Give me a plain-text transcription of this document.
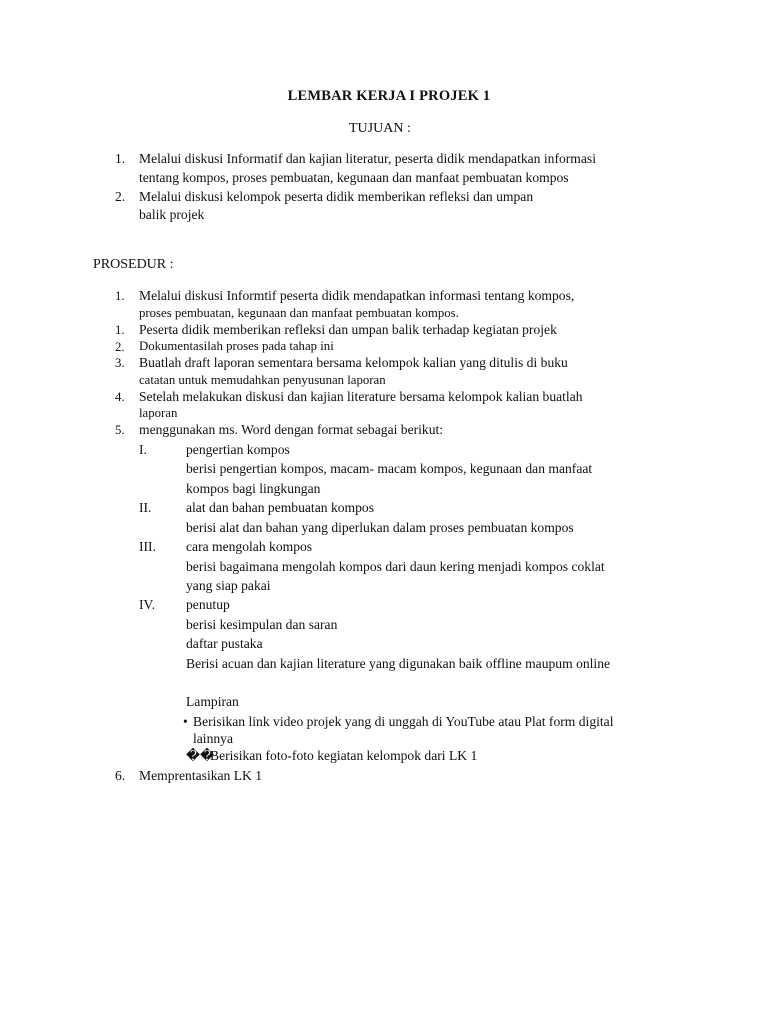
LEMBAR KERJA I PROJEK 1
TUJUAN :
1. Melalui diskusi Informatif dan kajian literatur, peserta didik mendapatkan informasi
tentang kompos, proses pembuatan, kegunaan dan manfaat pembuatan kompos
2. Melalui diskusi kelompok peserta didik memberikan refleksi dan umpan
balik projek
PROSEDUR :
1. Melalui diskusi Informtif peserta didik mendapatkan informasi tentang kompos,
proses pembuatan, kegunaan dan manfaat pembuatan kompos.
1. Peserta didik memberikan refleksi dan umpan balik terhadap kegiatan projek
2. Dokumentasilah proses pada tahap ini
3. Buatlah draft laporan sementara bersama kelompok kalian yang ditulis di buku
catatan untuk memudahkan penyusunan laporan
4. Setelah melakukan diskusi dan kajian literature bersama kelompok kalian buatlah
laporan
5. menggunakan ms. Word dengan format sebagai berikut:
I.	pengertian kompos
berisi pengertian kompos, macam- macam kompos, kegunaan dan manfaat
kompos bagi lingkungan
II.	alat dan bahan pembuatan kompos
berisi alat dan bahan yang diperlukan dalam proses pembuatan kompos
III. cara mengolah kompos
berisi bagaimana mengolah kompos dari daun kering menjadi kompos coklat
yang siap pakai
IV. penutup
berisi kesimpulan dan saran
daftar pustaka
Berisi acuan dan kajian literature yang digunakan baik offline maupum online
Lampiran
• Berisikan link video projek yang di unggah di YouTube atau Plat form digital
lainnya
��
Berisikan foto-foto kegiatan kelompok dari LK 1
6. Memprentasikan LK 1
